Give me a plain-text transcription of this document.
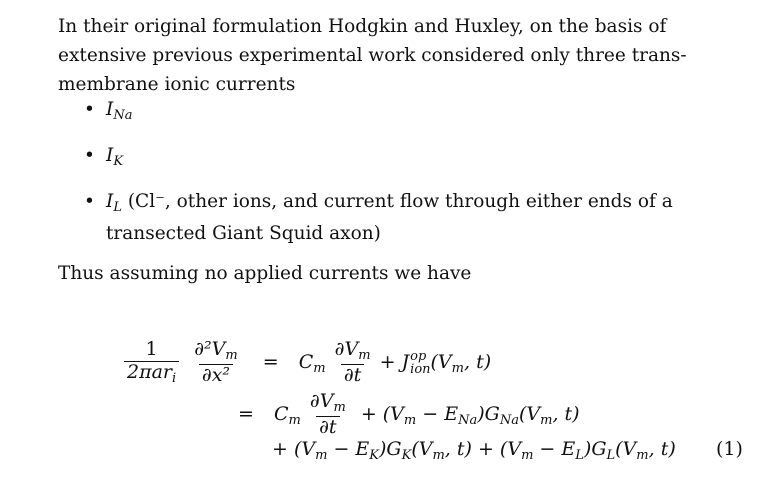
In their original formulation Hodgkin and Huxley, on the basis of extensive previous experimental work considered only three trans-membrane ionic currents

• $I_{Na}$
• $I_K$
• $I_L$ (Cl⁻, other ions, and current flow through either ends of a transected Giant Squid axon)

Thus assuming no applied currents we have

$\frac{1}{2\pi ar_i}$
$\frac{\partial^2V_m}{\text{∂x²}} = C_m \frac{\partial V_m}{\partial t} + J$ op
ion ($V_m$, t)
= $C_m \frac{\partial V_m}{\partial t} + (V_m - E_{Na})G_{Na}(V_m$, t)
+ $(V_m - E_K)G_K(V_m$, $t) + (V_m - E_L)G_L(V_m$, t) (1)
